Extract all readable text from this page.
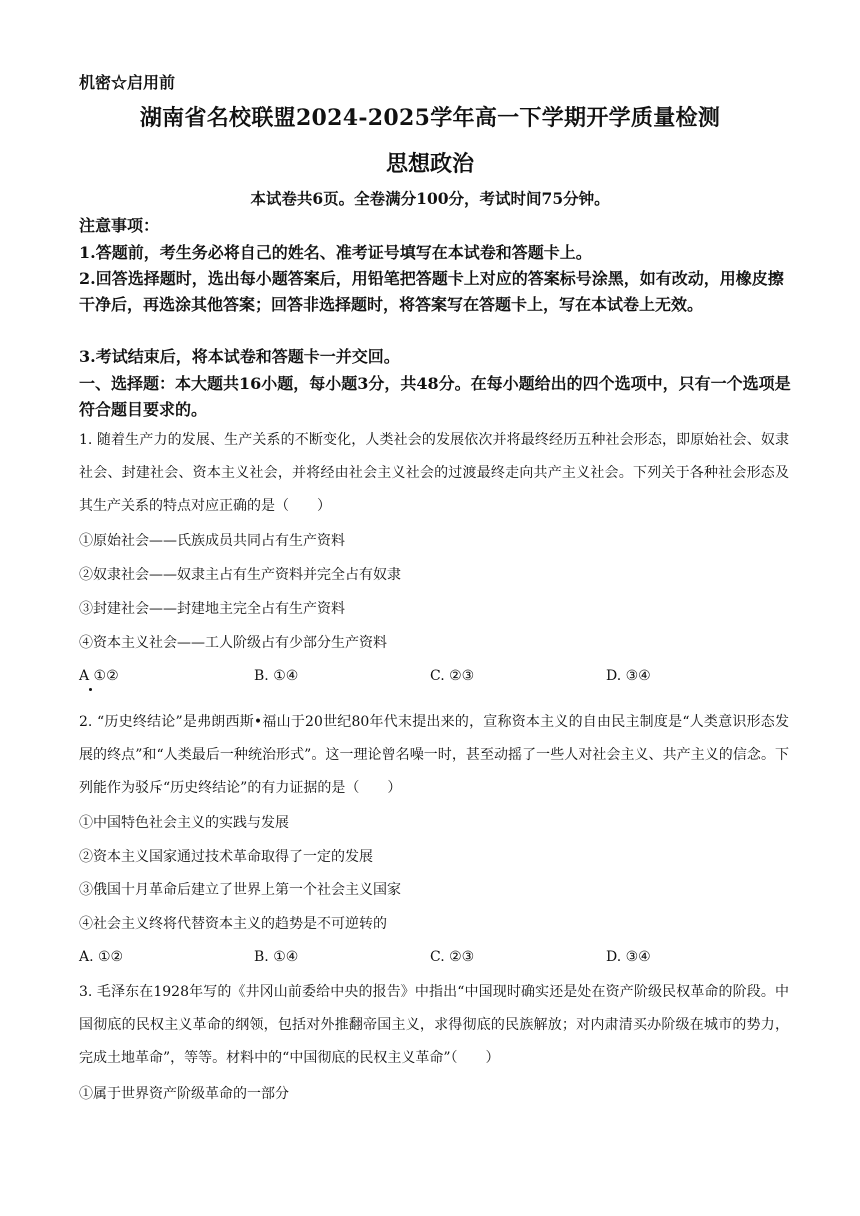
机密☆启用前
湖南省名校联盟2024-2025学年高一下学期开学质量检测
思想政治
本试卷共6页。全卷满分100分，考试时间75分钟。
注意事项：
1.答题前，考生务必将自己的姓名、准考证号填写在本试卷和答题卡上。
2.回答选择题时，选出每小题答案后，用铅笔把答题卡上对应的答案标号涂黑，如有改动，用橡皮擦干净后，再选涂其他答案；回答非选择题时，将答案写在答题卡上，写在本试卷上无效。
3.考试结束后，将本试卷和答题卡一并交回。
一、选择题：本大题共16小题，每小题3分，共48分。在每小题给出的四个选项中，只有一个选项是符合题目要求的。
1. 随着生产力的发展、生产关系的不断变化，人类社会的发展依次并将最终经历五种社会形态，即原始社会、奴隶社会、封建社会、资本主义社会，并将经由社会主义社会的过渡最终走向共产主义社会。下列关于各种社会形态及其生产关系的特点对应正确的是（　　）
①原始社会——氏族成员共同占有生产资料
②奴隶社会——奴隶主占有生产资料并完全占有奴隶
③封建社会——封建地主完全占有生产资料
④资本主义社会——工人阶级占有少部分生产资料
A ①②	B. ①④	C. ②③	D. ③④
2. “历史终结论”是弗朗西斯•福山于20世纪80年代末提出来的，宣称资本主义的自由民主制度是“人类意识形态发展的终点”和“人类最后一种统治形式”。这一理论曾名噪一时，甚至动摇了一些人对社会主义、共产主义的信念。下列能作为驳斥“历史终结论”的有力证据的是（　　）
①中国特色社会主义的实践与发展
②资本主义国家通过技术革命取得了一定的发展
③俄国十月革命后建立了世界上第一个社会主义国家
④社会主义终将代替资本主义的趋势是不可逆转的
A. ①②	B. ①④	C. ②③	D. ③④
3. 毛泽东在1928年写的《井冈山前委给中央的报告》中指出“中国现时确实还是处在资产阶级民权革命的阶段。中国彻底的民权主义革命的纲领，包括对外推翻帝国主义，求得彻底的民族解放；对内肃清买办阶级在城市的势力，完成土地革命”，等等。材料中的“中国彻底的民权主义革命”（　　）
①属于世界资产阶级革命的一部分
